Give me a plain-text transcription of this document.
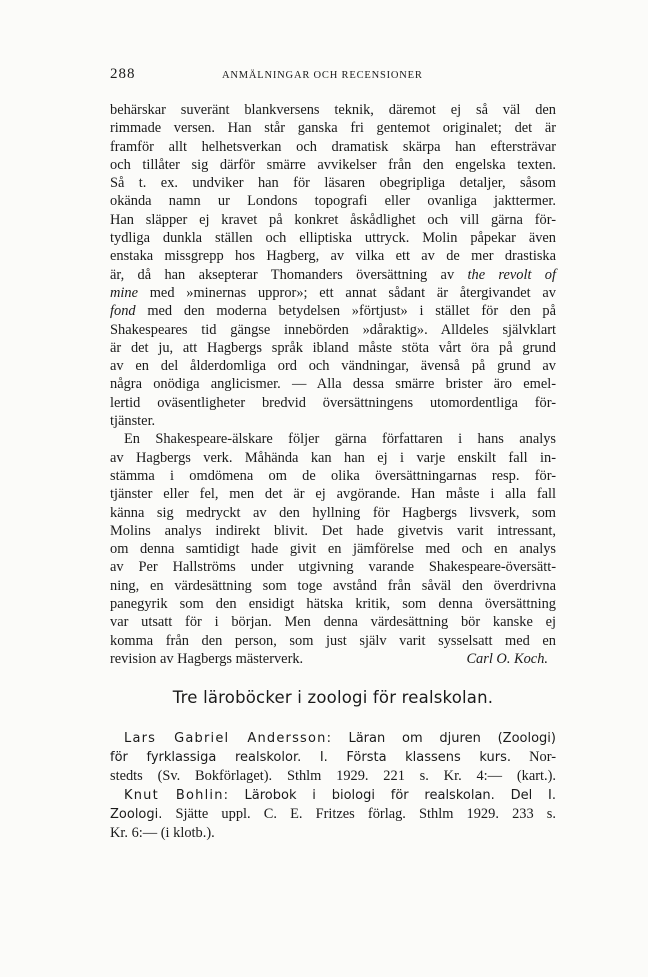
288	ANMÄLNINGAR OCH RECENSIONER
behärskar suveränt blankversens teknik, däremot ej så väl den
rimmade versen. Han står ganska fri gentemot originalet; det är
framför allt helhetsverkan och dramatisk skärpa han eftersträvar
och tillåter sig därför smärre avvikelser från den engelska texten.
Så t. ex. undviker han för läsaren obegripliga detaljer, såsom
okända namn ur Londons topografi eller ovanliga jakttermer.
Han släpper ej kravet på konkret åskådlighet och vill gärna för-
tydliga dunkla ställen och elliptiska uttryck. Molin påpekar även
enstaka missgrepp hos Hagberg, av vilka ett av de mer drastiska
är, då han aksepterar Thomanders översättning av the revolt of
mine med »minernas uppror»; ett annat sådant är återgivandet av
fond med den moderna betydelsen »förtjust» i stället för den på
Shakespeares tid gängse innebörden »dåraktig». Alldeles självklart
är det ju, att Hagbergs språk ibland måste stöta vårt öra på grund
av en del ålderdomliga ord och vändningar, ävenså på grund av
några onödiga anglicismer. — Alla dessa smärre brister äro emel-
lertid oväsentligheter bredvid översättningens utomordentliga för-
tjänster.
En Shakespeare-älskare följer gärna författaren i hans analys
av Hagbergs verk. Måhända kan han ej i varje enskilt fall in-
stämma i omdömena om de olika översättningarnas resp. för-
tjänster eller fel, men det är ej avgörande. Han måste i alla fall
känna sig medryckt av den hyllning för Hagbergs livsverk, som
Molins analys indirekt blivit. Det hade givetvis varit intressant,
om denna samtidigt hade givit en jämförelse med och en analys
av Per Hallströms under utgivning varande Shakespeare-översätt-
ning, en värdesättning som toge avstånd från såväl den överdrivna
panegyrik som den ensidigt hätska kritik, som denna översättning
var utsatt för i början. Men denna värdesättning bör kanske ej
komma från den person, som just själv varit sysselsatt med en
revision av Hagbergs mästerverk.	Carl O. Koch.
Tre läroböcker i zoologi för realskolan.
Lars Gabriel Andersson: Läran om djuren (Zoologi)
för fyrklassiga realskolor. I. Första klassens kurs. Nor-
stedts (Sv. Bokförlaget). Sthlm 1929. 221 s. Kr. 4:— (kart.).
Knut Bohlin: Lärobok i biologi för realskolan. Del I.
Zoologi. Sjätte uppl. C. E. Fritzes förlag. Sthlm 1929. 233 s.
Kr. 6:— (i klotb.).
